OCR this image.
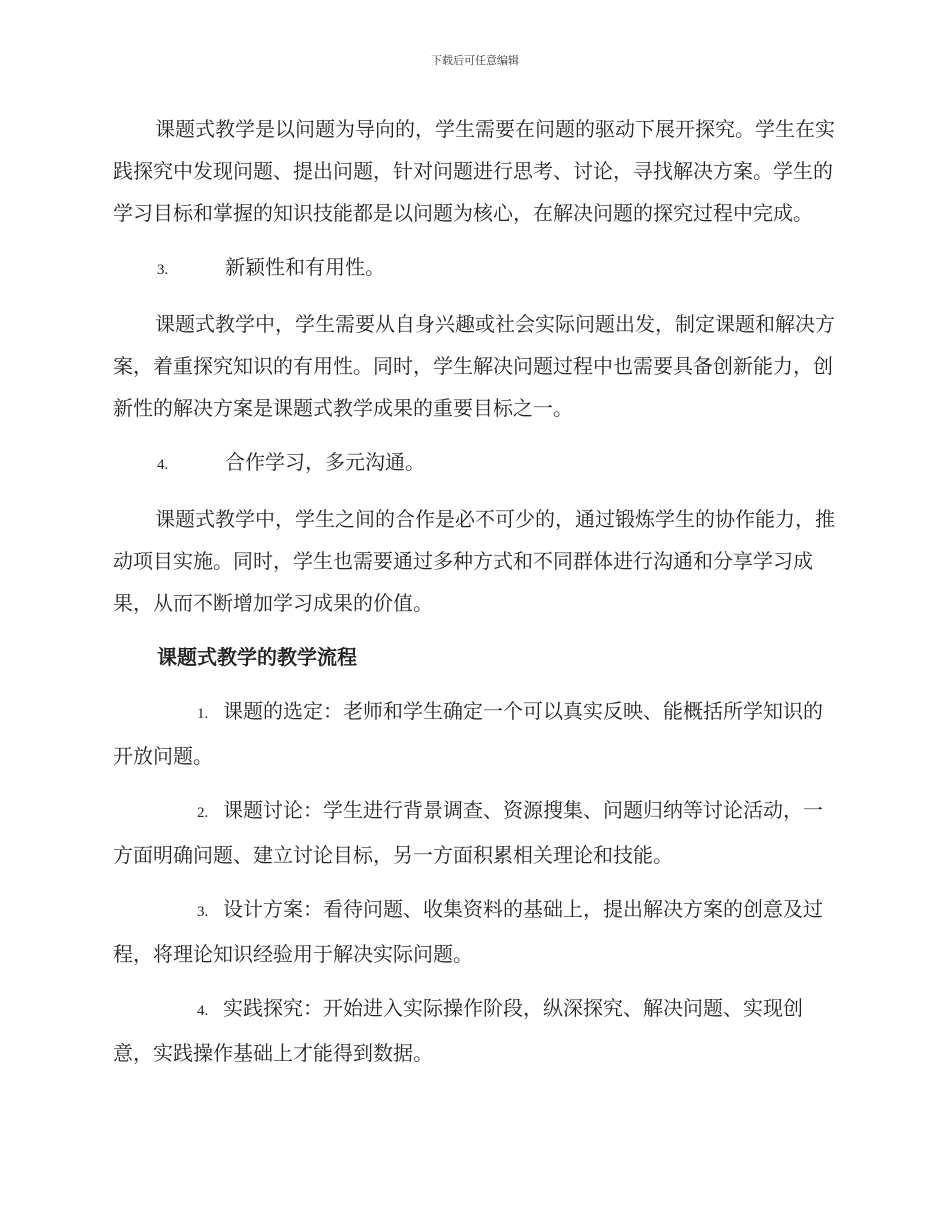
下载后可任意编辑

课题式教学是以问题为导向的，学生需要在问题的驱动下展开探究。学生在实践探究中发现问题、提出问题，针对问题进行思考、讨论，寻找解决方案。学生的学习目标和掌握的知识技能都是以问题为核心，在解决问题的探究过程中完成。

3.	新颖性和有用性。

课题式教学中，学生需要从自身兴趣或社会实际问题出发，制定课题和解决方案，着重探究知识的有用性。同时，学生解决问题过程中也需要具备创新能力，创新性的解决方案是课题式教学成果的重要目标之一。

4.	合作学习，多元沟通。

课题式教学中，学生之间的合作是必不可少的，通过锻炼学生的协作能力，推动项目实施。同时，学生也需要通过多种方式和不同群体进行沟通和分享学习成果，从而不断增加学习成果的价值。

课题式教学的教学流程
1. 课题的选定：老师和学生确定一个可以真实反映、能概括所学知识的开放问题。
2. 课题讨论：学生进行背景调查、资源搜集、问题归纳等讨论活动，一方面明确问题、建立讨论目标，另一方面积累相关理论和技能。
3. 设计方案：看待问题、收集资料的基础上，提出解决方案的创意及过程，将理论知识经验用于解决实际问题。
4. 实践探究：开始进入实际操作阶段，纵深探究、解决问题、实现创意，实践操作基础上才能得到数据。
